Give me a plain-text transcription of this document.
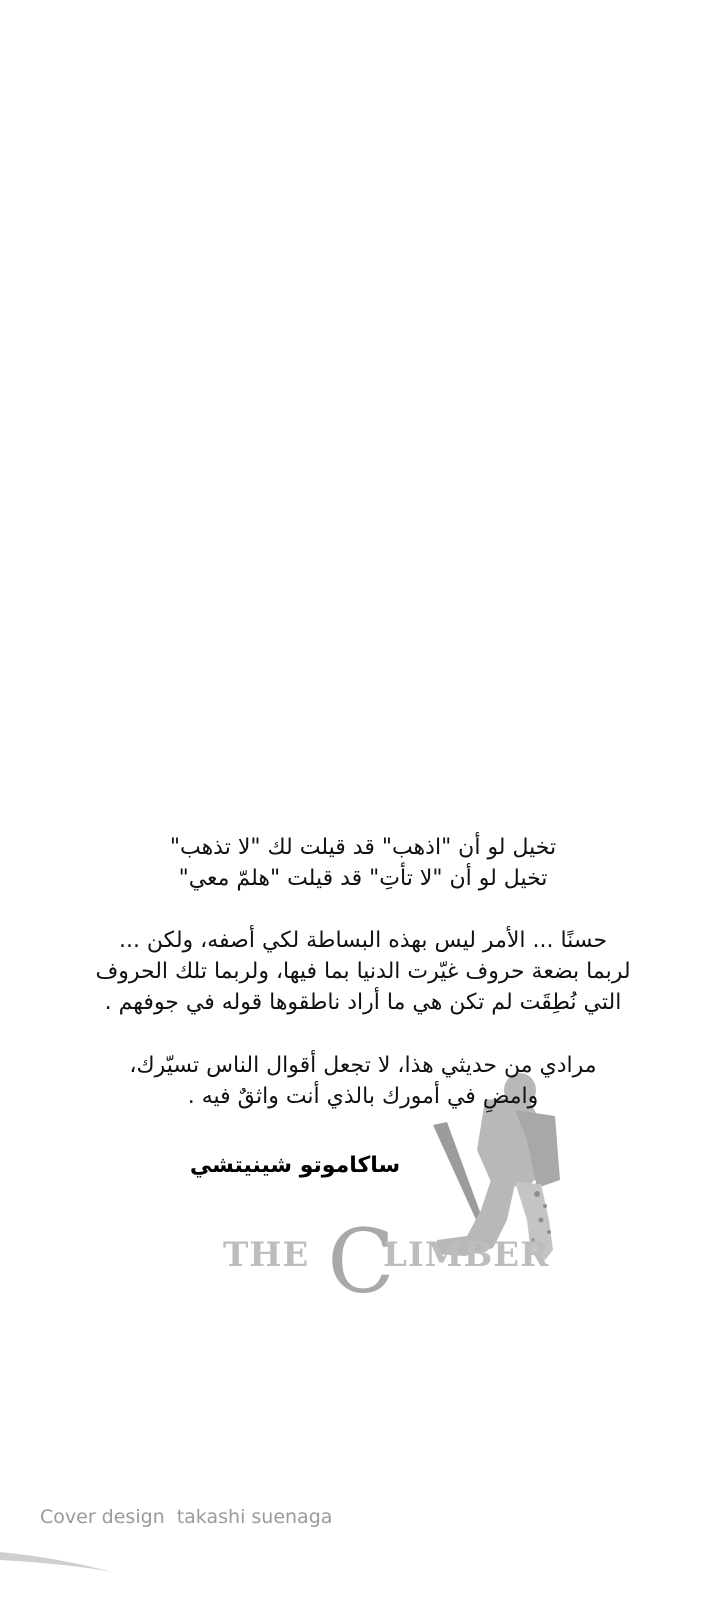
تخيل لو أن "اذهب" قد قيلت لك "لا تذهب"
تخيل لو أن "لا تأتِ" قد قيلت "هلمّ معي"
حسنًا ... الأمر ليس بهذه البساطة لكي أصفه، ولكن ...
لربما بضعة حروف غيّرت الدنيا بما فيها، ولربما تلك الحروف
التي نُطِقَت لم تكن هي ما أراد ناطقوها قوله في جوفهم .
C
THE LIMBER
مرادي من حديثي هذا، لا تجعل أقوال الناس تسيّرك،
وامضِ في أمورك بالذي أنت واثقٌ فيه .
ساكاموتو شينيتشي
Cover design takashi suenaga
